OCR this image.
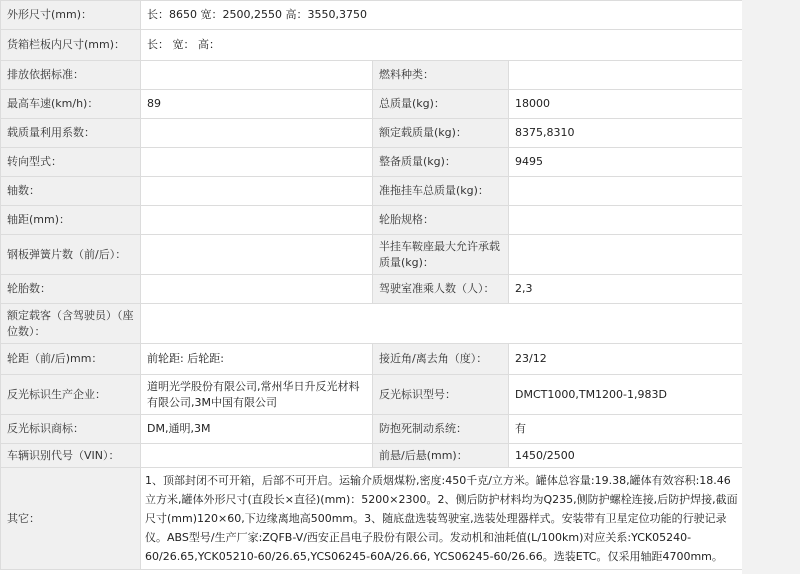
外形尺寸(mm)：	长：8650 宽：2500,2550 高：3550,3750		
货箱栏板内尺寸(mm)：	长： 宽： 高：		
排放依据标准：		燃料种类：	
最高车速(km/h)：	89	总质量(kg)：	18000
载质量利用系数：		额定载质量(kg)：	8375,8310
转向型式：		整备质量(kg)：	9495
轴数：		准拖挂车总质量(kg)：	
轴距(mm)：		轮胎规格：	
钢板弹簧片数（前/后）：		半挂车鞍座最大允许承载质量(kg)：	
轮胎数：		驾驶室准乘人数（人）：	2,3
额定载客（含驾驶员）（座位数）：			
轮距（前/后)mm：	前轮距: 后轮距:	接近角/离去角（度）：	23/12
反光标识生产企业：	道明光学股份有限公司,常州华日升反光材料有限公司,3M中国有限公司	反光标识型号：	DMCT1000,TM1200-1,983D
反光标识商标：	DM,通明,3M	防抱死制动系统：	有
车辆识别代号（VIN）：		前悬/后悬(mm)：	1450/2500
其它：	1、顶部封闭不可开箱，后部不可开启。运输介质烟煤粉,密度:450千克/立方米。罐体总容量:19.38,罐体有效容积:18.46立方米,罐体外形尺寸(直段长×直径)(mm)：5200×2300。2、侧后防护材料均为Q235,侧防护螺栓连接,后防护焊接,截面尺寸(mm)120×60,下边缘离地高500mm。3、随底盘选装驾驶室,选装处理器样式。安装带有卫星定位功能的行驶记录仪。ABS型号/生产厂家:ZQFB-V/西安正昌电子股份有限公司。发动机和油耗值(L/100km)对应关系:YCK05240-60/26.65,YCK05210-60/26.65,YCS06245-60A/26.66, YCS06245-60/26.66。选装ETC。仅采用轴距4700mm。		
